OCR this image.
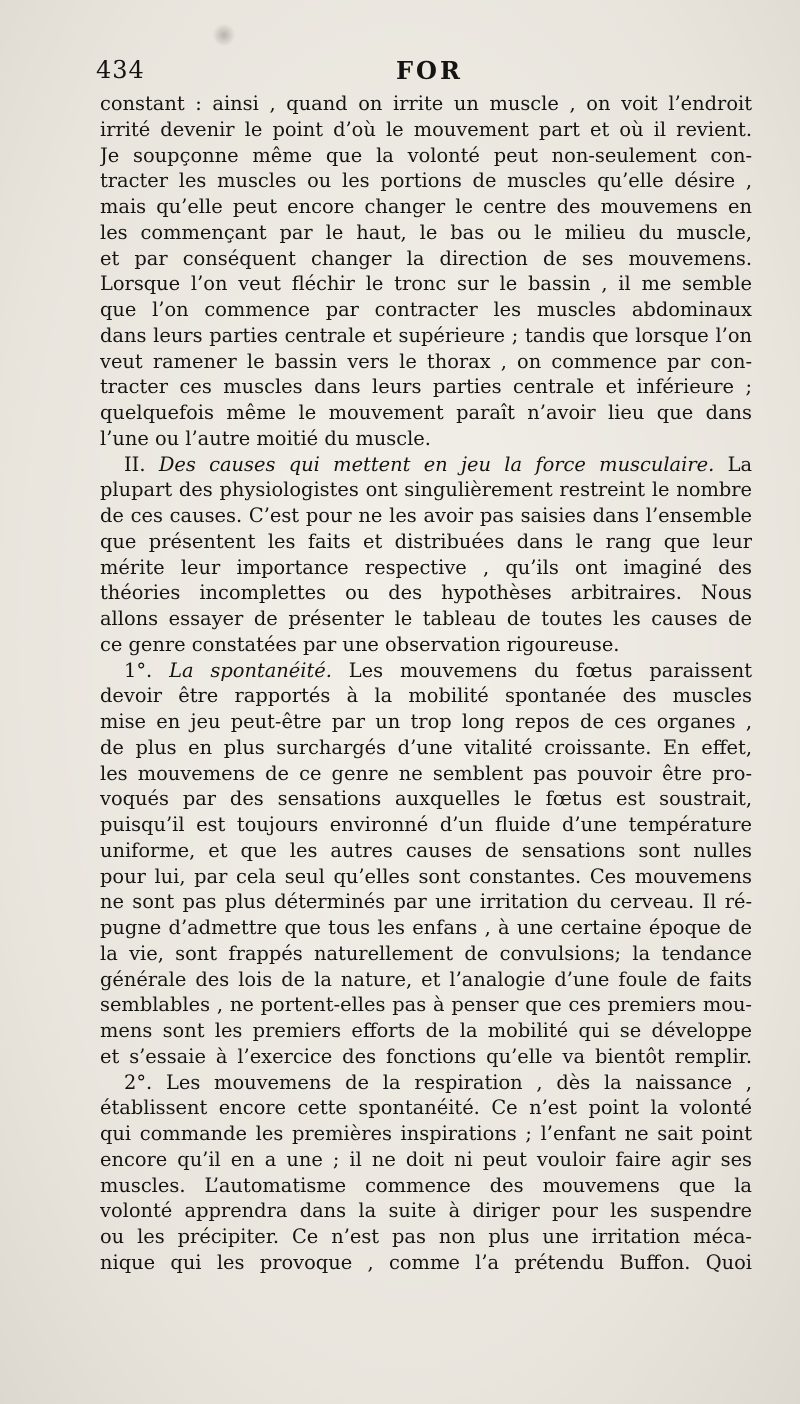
434	FOR
constant : ainsi , quand on irrite un muscle , on voit l’endroit
irrité devenir le point d’où le mouvement part et où il revient.
Je soupçonne même que la volonté peut non-seulement con-
tracter les muscles ou les portions de muscles qu’elle désire ,
mais qu’elle peut encore changer le centre des mouvemens en
les commençant par le haut, le bas ou le milieu du muscle,
et par conséquent changer la direction de ses mouvemens.
Lorsque l’on veut fléchir le tronc sur le bassin , il me semble
que l’on commence par contracter les muscles abdominaux
dans leurs parties centrale et supérieure ; tandis que lorsque l’on
veut ramener le bassin vers le thorax , on commence par con-
tracter ces muscles dans leurs parties centrale et inférieure ;
quelquefois même le mouvement paraît n’avoir lieu que dans
l’une ou l’autre moitié du muscle.
II. Des causes qui mettent en jeu la force musculaire. La
plupart des physiologistes ont singulièrement restreint le nombre
de ces causes. C’est pour ne les avoir pas saisies dans l’ensemble
que présentent les faits et distribuées dans le rang que leur
mérite leur importance respective , qu’ils ont imaginé des
théories incomplettes ou des hypothèses arbitraires. Nous
allons essayer de présenter le tableau de toutes les causes de
ce genre constatées par une observation rigoureuse.
1°. La spontanéité. Les mouvemens du fœtus paraissent
devoir être rapportés à la mobilité spontanée des muscles
mise en jeu peut-être par un trop long repos de ces organes ,
de plus en plus surchargés d’une vitalité croissante. En effet,
les mouvemens de ce genre ne semblent pas pouvoir être pro-
voqués par des sensations auxquelles le fœtus est soustrait,
puisqu’il est toujours environné d’un fluide d’une température
uniforme, et que les autres causes de sensations sont nulles
pour lui, par cela seul qu’elles sont constantes. Ces mouvemens
ne sont pas plus déterminés par une irritation du cerveau. Il ré-
pugne d’admettre que tous les enfans , à une certaine époque de
la vie, sont frappés naturellement de convulsions; la tendance
générale des lois de la nature, et l’analogie d’une foule de faits
semblables , ne portent-elles pas à penser que ces premiers mou-
mens sont les premiers efforts de la mobilité qui se développe
et s’essaie à l’exercice des fonctions qu’elle va bientôt remplir.
2°. Les mouvemens de la respiration , dès la naissance ,
établissent encore cette spontanéité. Ce n’est point la volonté
qui commande les premières inspirations ; l’enfant ne sait point
encore qu’il en a une ; il ne doit ni peut vouloir faire agir ses
muscles. L’automatisme commence des mouvemens que la
volonté apprendra dans la suite à diriger pour les suspendre
ou les précipiter. Ce n’est pas non plus une irritation méca-
nique qui les provoque , comme l’a prétendu Buffon. Quoi
